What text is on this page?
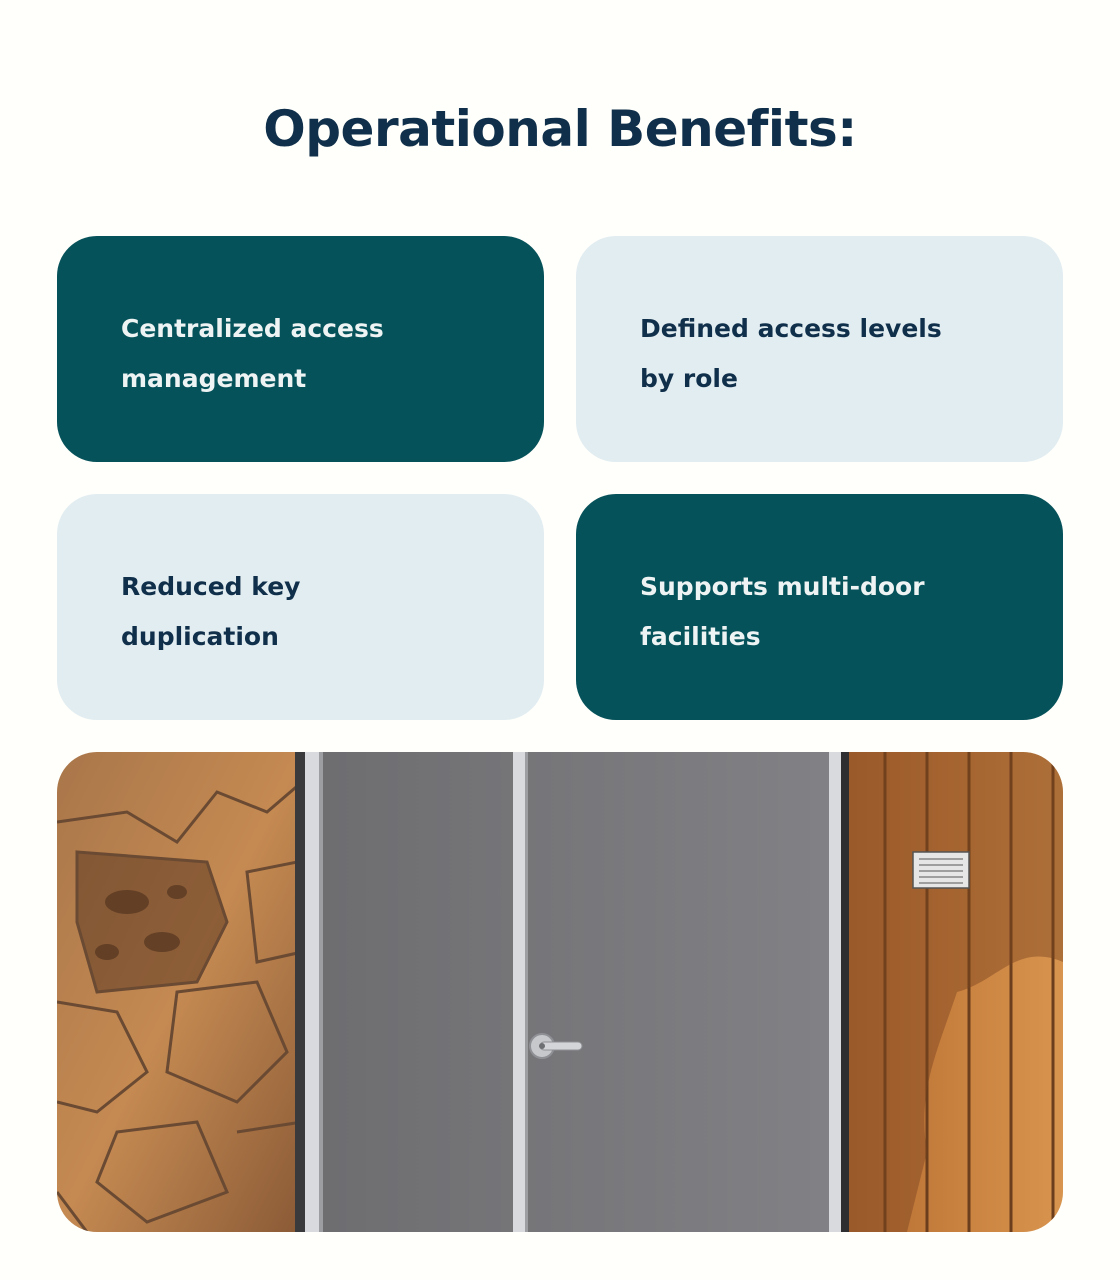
Operational Benefits:
Centralized access management
Defined access levels by role
Reduced key duplication
Supports multi-door facilities
